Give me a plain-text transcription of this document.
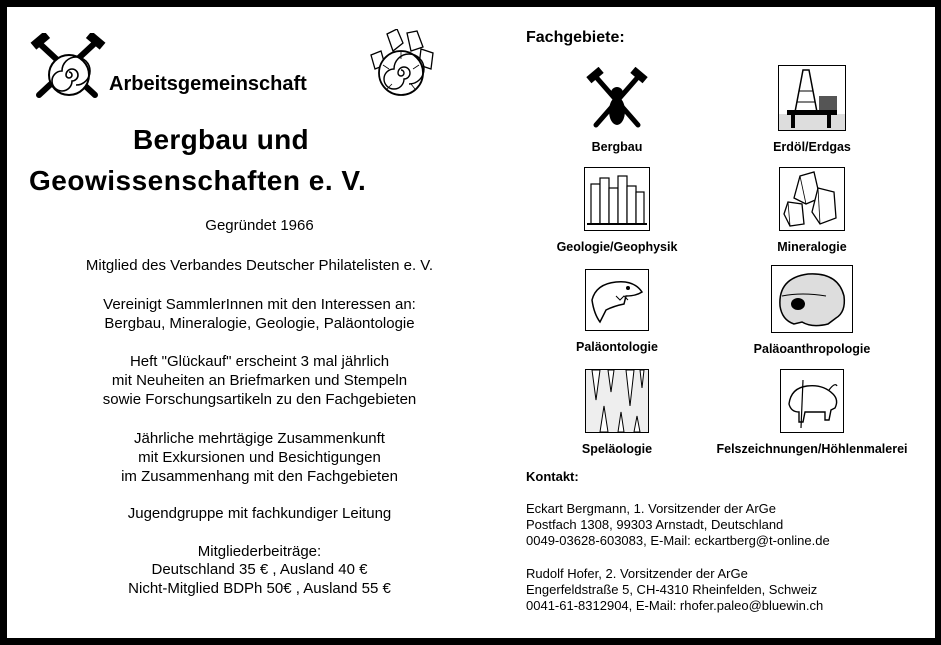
Arbeitsgemeinschaft
Bergbau und
Geowissenschaften e. V.
Gegründet 1966
Mitglied des Verbandes Deutscher Philatelisten e. V.
Vereinigt SammlerInnen mit den Interessen an:
Bergbau, Mineralogie, Geologie, Paläontologie
Heft "Glückauf" erscheint 3 mal jährlich
mit Neuheiten an Briefmarken und Stempeln
sowie Forschungsartikeln zu den Fachgebieten
Jährliche mehrtägige Zusammenkunft
mit Exkursionen und Besichtigungen
im Zusammenhang mit den Fachgebieten
Jugendgruppe mit fachkundiger Leitung
Mitgliederbeiträge:
Deutschland 35 € , Ausland 40 €
Nicht-Mitglied BDPh 50€ , Ausland 55 €
Fachgebiete:
Bergbau	Erdöl/Erdgas
Geologie/Geophysik	Mineralogie
Paläontologie	Paläoanthropologie
Speläologie	Felszeichnungen/Höhlenmalerei
Kontakt:
Eckart Bergmann, 1. Vorsitzender der ArGe
Postfach 1308, 99303 Arnstadt, Deutschland
0049-03628-603083, E-Mail: eckartberg@t-online.de
Rudolf Hofer, 2. Vorsitzender der ArGe
Engerfeldstraße 5, CH-4310 Rheinfelden, Schweiz
0041-61-8312904, E-Mail: rhofer.paleo@bluewin.ch
